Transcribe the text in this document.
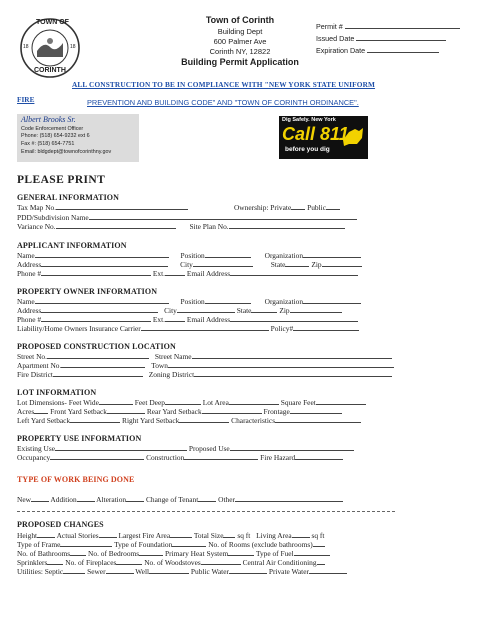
TOWN OF
CORINTH
18	18
Town of Corinth
Building Dept
600 Palmer Ave
Corinth NY, 12822
Building Permit Application
Permit #
Issued Date
Expiration Date
ALL CONSTRUCTION TO BE IN COMPLIANCE WITH "NEW YORK STATE UNIFORM
FIRE	PREVENTION AND BUILDING CODE" AND "TOWN OF CORINTH ORDINANCE".
Albert Brooks Sr.
Code Enforcement Officer
Phone: (518) 654-9232 ext 6
Fax #: (518) 654-7751
Email: bldgdept@townofcorinthny.gov
Dig Safely. New York
Call 811
before you dig
PLEASE PRINT
GENERAL INFORMATION
Tax Map No.	Ownership: Private Public
PDD/Subdivision Name
Variance No.	Site Plan No.
APPLICANT INFORMATION
Name	Position	Organization
Address	City	State	Zip
Phone #	Ext.	Email Address
PROPERTY OWNER INFORMATION
Name	Position	Organization
Address	City	State	Zip
Phone #	Ext.	Email Address
Liability/Home Owners Insurance Carrier	Policy#
PROPOSED CONSTRUCTION LOCATION
Street No.	Street Name
Apartment No.	Town
Fire District	Zoning District
LOT INFORMATION
Lot Dimensions- Feet Wide	Feet Deep	Lot Area	Square Feet
Acres Front Yard Setback	Rear Yard Setback	Frontage
Left Yard Setback	Right Yard Setback	Characteristics
PROPERTY USE INFORMATION
Existing Use	Proposed Use
Occupancy	Construction	Fire Hazard
TYPE OF WORK BEING DONE
New	Addition	Alteration	Change of Tenant	Other
PROPOSED CHANGES
Height	Actual Stories	Largest Fire Area	Total Size sq ft Living Area	sq ft
Type of Frame	Type of Foundation	No. of Rooms (exclude bathrooms)
No. of Bathrooms No. of Bedrooms	Primary Heat System	Type of Fuel
Sprinklers No. of Fireplaces	No. of Woodstoves	Central Air Conditioning
Utilities: Septic	Sewer	Well	Public Water	Private Water
